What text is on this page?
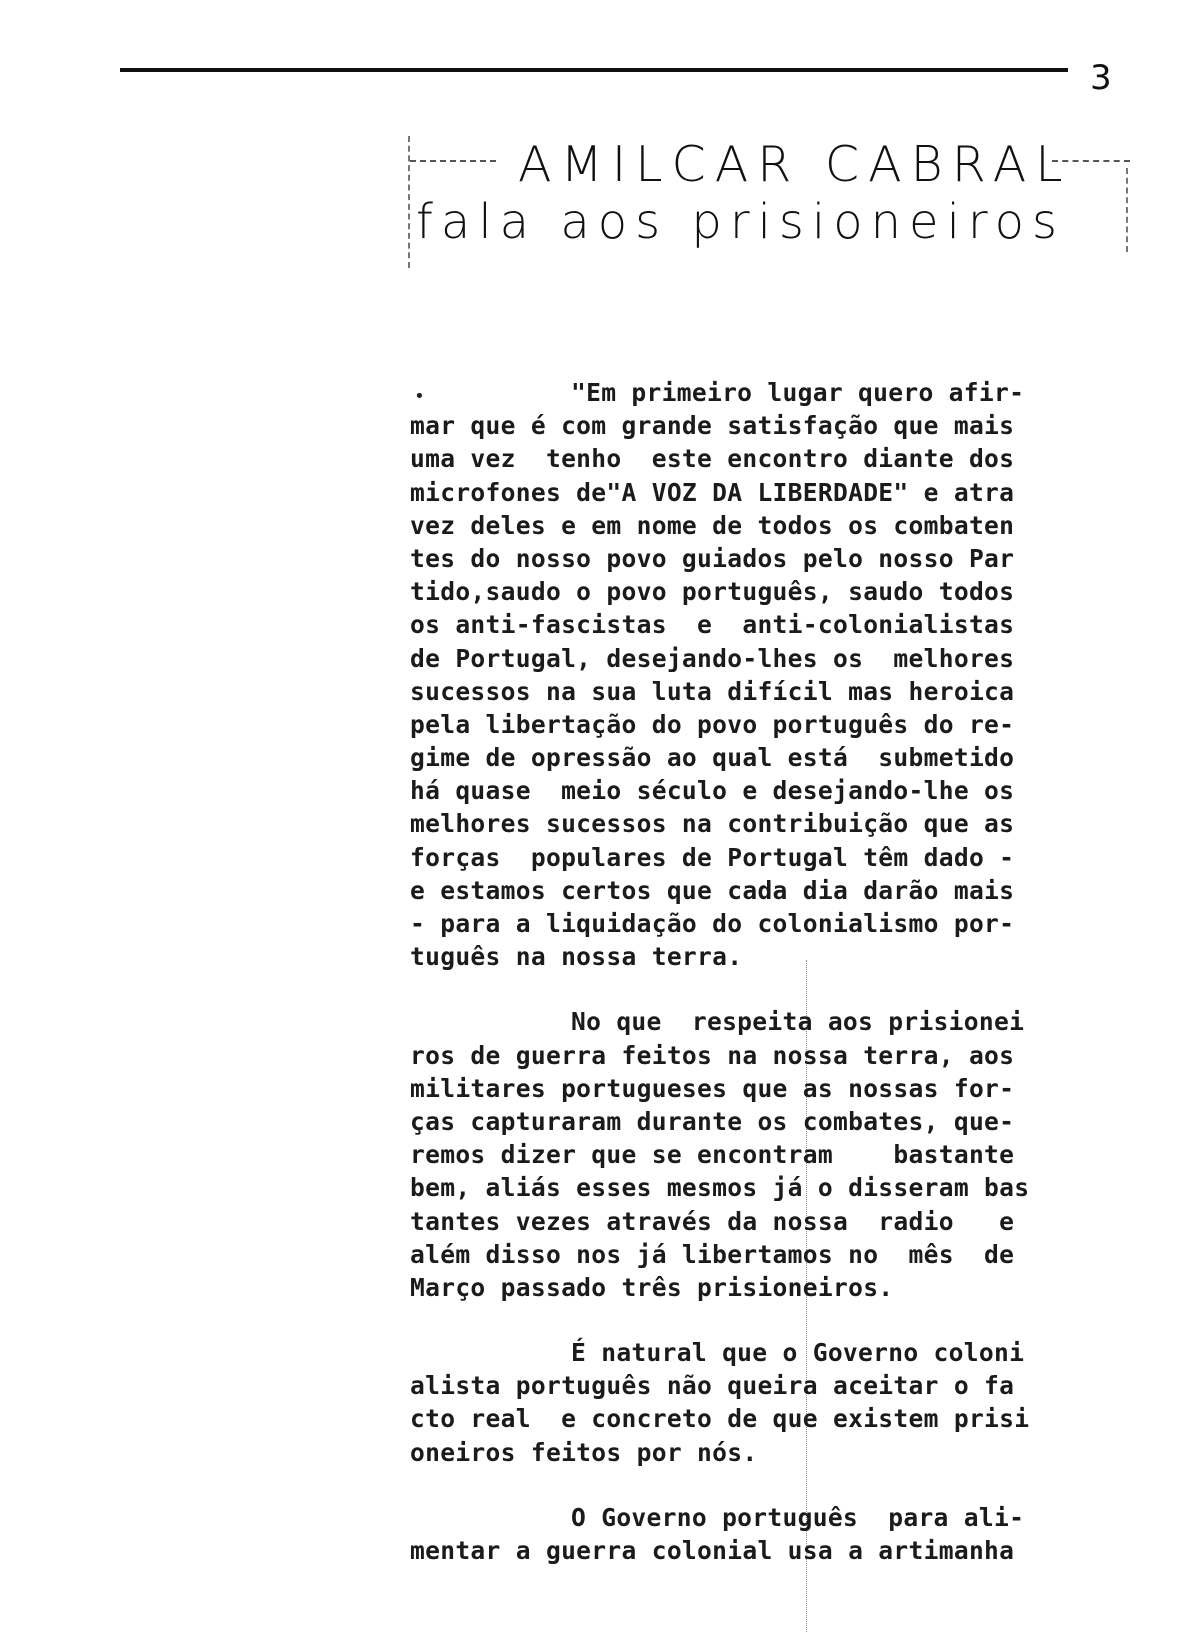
3
AMILCAR CABRAL
fala aos prisioneiros
•	"Em primeiro lugar quero afir-
mar que é com grande satisfação que mais
uma vez  tenho  este encontro diante dos
microfones de"A VOZ DA LIBERDADE" e atra
vez deles e em nome de todos os combaten
tes do nosso povo guiados pelo nosso Par
tido,saudo o povo português, saudo todos
os anti-fascistas  e  anti-colonialistas
de Portugal, desejando-lhes os  melhores
sucessos na sua luta difícil mas heroica
pela libertação do povo português do re-
gime de opressão ao qual está  submetido
há quase  meio século e desejando-lhe os
melhores sucessos na contribuição que as
forças  populares de Portugal têm dado -
e estamos certos que cada dia darão mais
- para a liquidação do colonialismo por-
tuguês na nossa terra.
No que  respeita aos prisionei
ros de guerra feitos na nossa terra, aos
militares portugueses que as nossas for-
ças capturaram durante os combates, que-
remos dizer que se encontram    bastante
bem, aliás esses mesmos já o disseram bas
tantes vezes através da nossa  radio   e
além disso nos já libertamos no  mês  de
Março passado três prisioneiros.
É natural que o Governo coloni
alista português não queira aceitar o fa
cto real  e concreto de que existem prisi
oneiros feitos por nós.
O Governo português  para ali-
mentar a guerra colonial usa a artimanha
